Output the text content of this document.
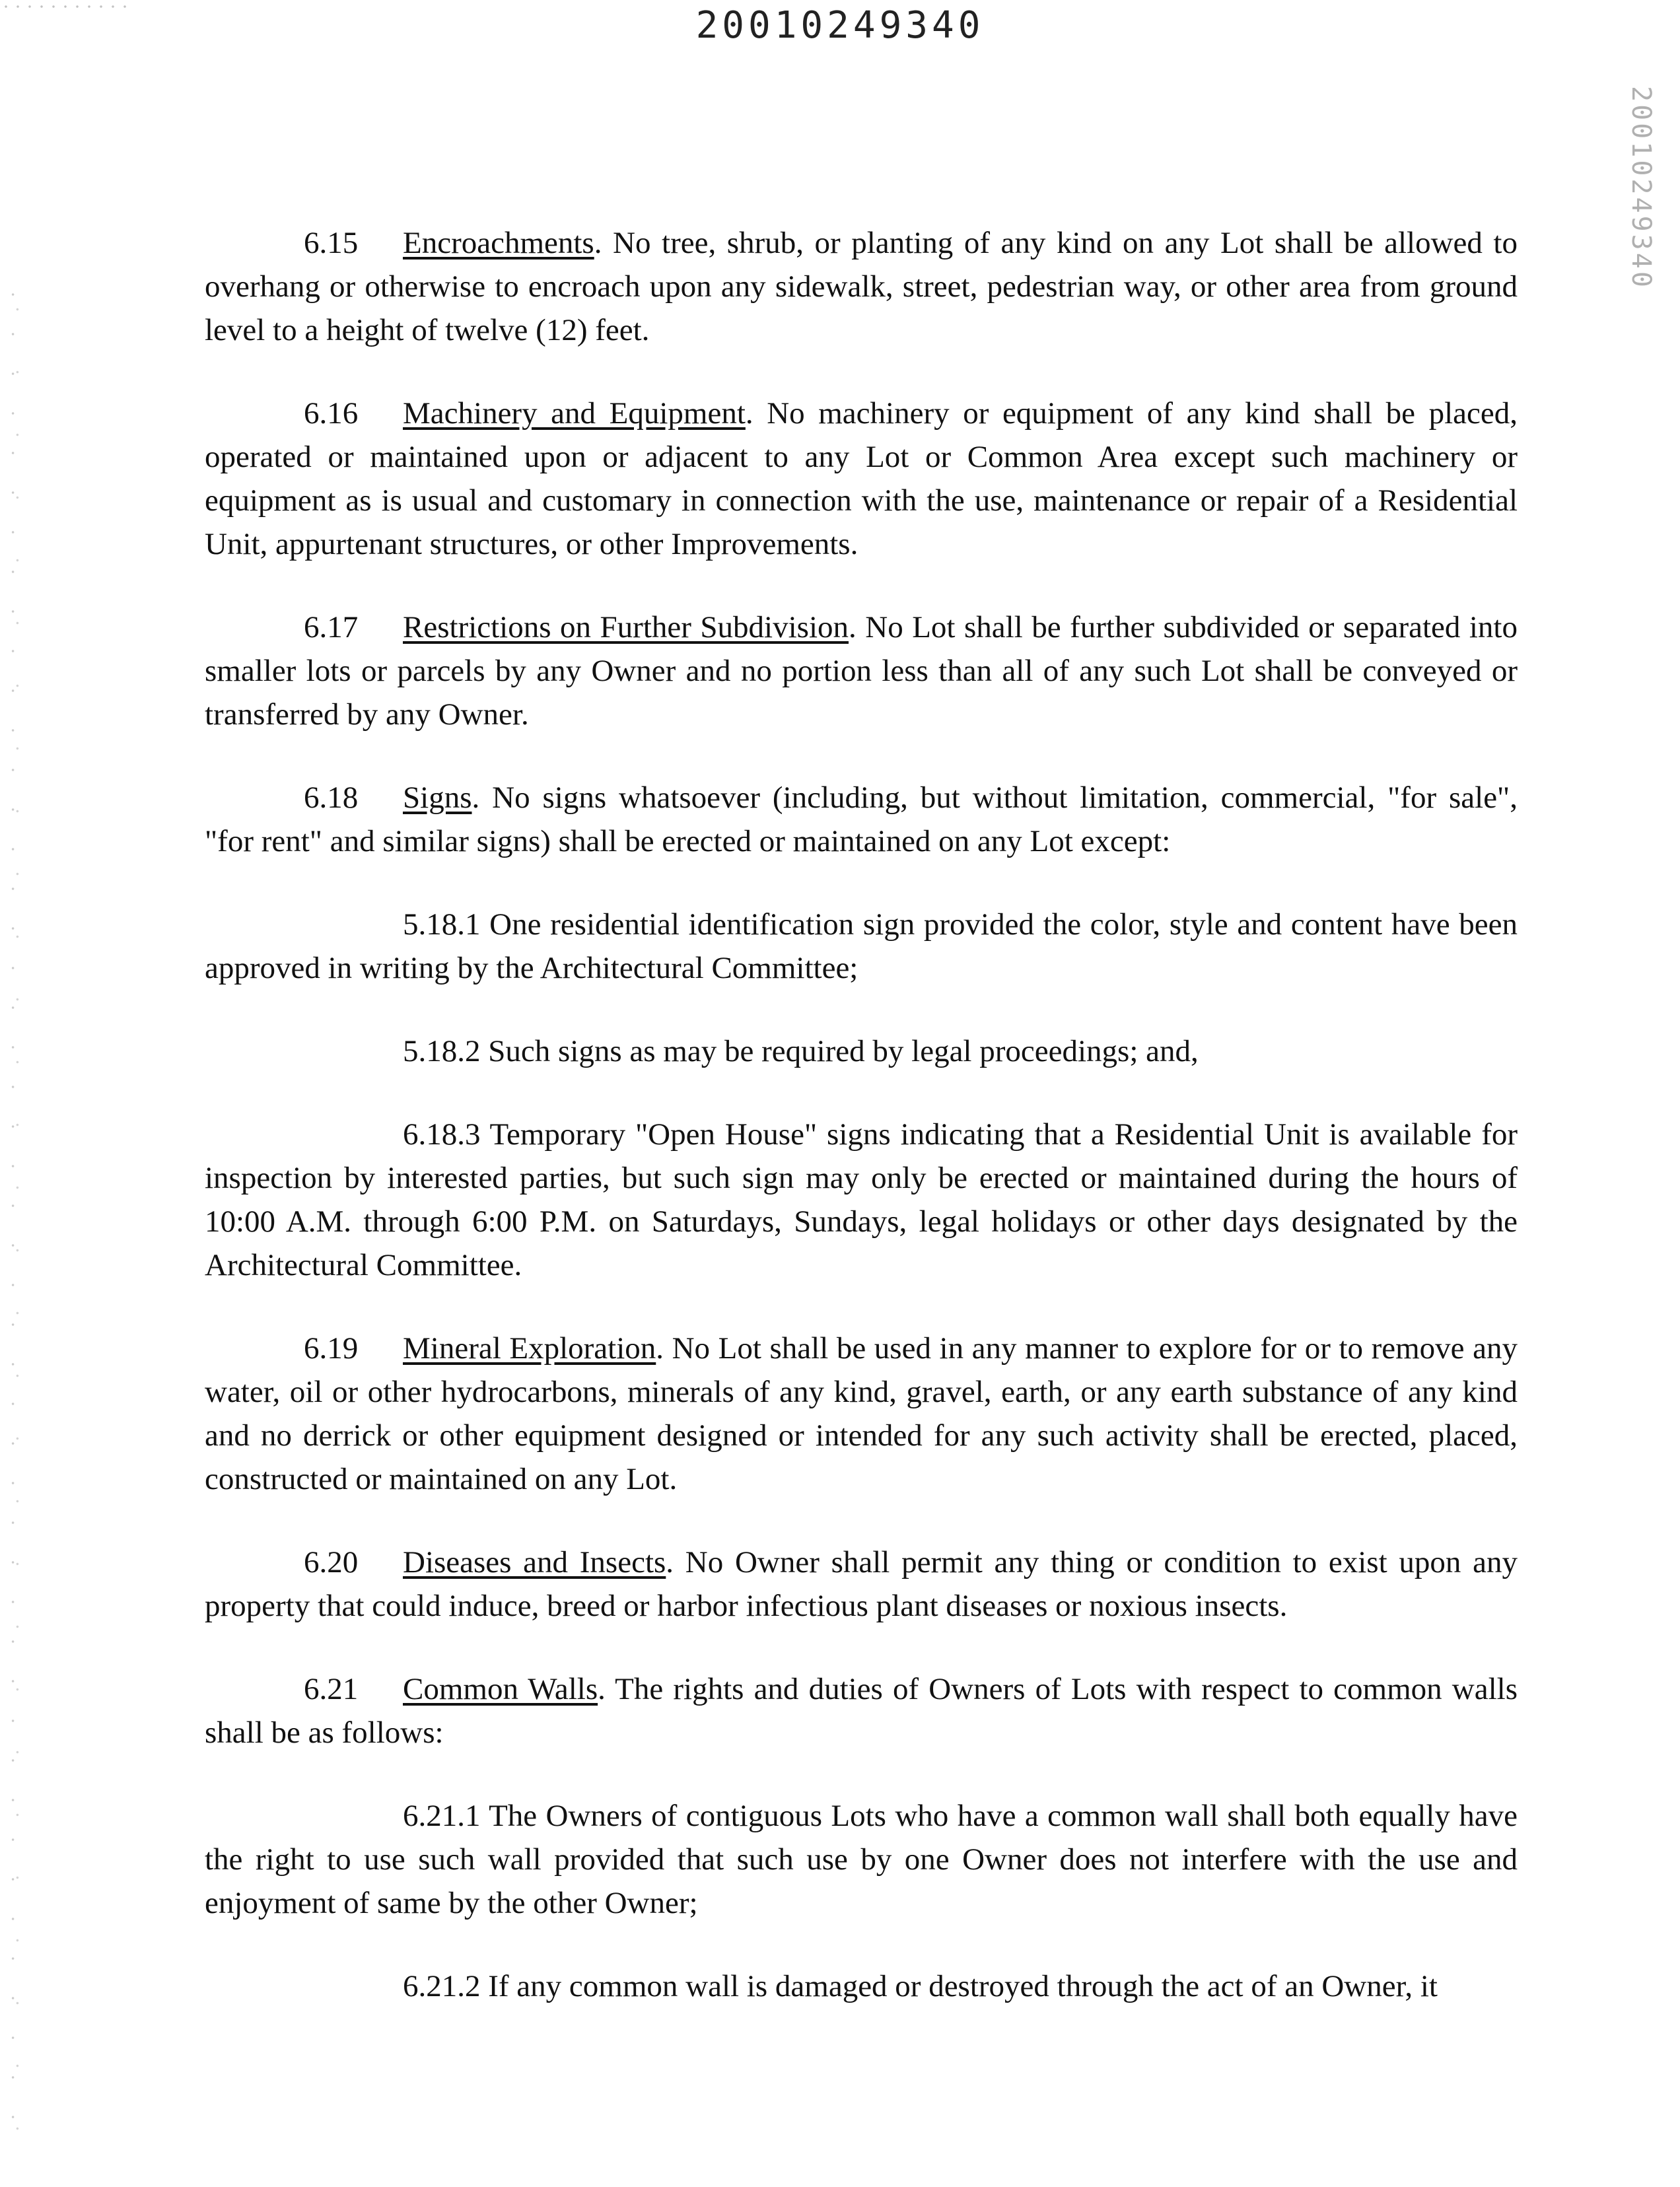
20010249340
20010249340

6.15 Encroachments. No tree, shrub, or planting of any kind on any Lot shall be allowed to overhang or otherwise to encroach upon any sidewalk, street, pedestrian way, or other area from ground level to a height of twelve (12) feet.

6.16 Machinery and Equipment. No machinery or equipment of any kind shall be placed, operated or maintained upon or adjacent to any Lot or Common Area except such machinery or equipment as is usual and customary in connection with the use, maintenance or repair of a Residential Unit, appurtenant structures, or other Improvements.

6.17 Restrictions on Further Subdivision. No Lot shall be further subdivided or separated into smaller lots or parcels by any Owner and no portion less than all of any such Lot shall be conveyed or transferred by any Owner.

6.18 Signs. No signs whatsoever (including, but without limitation, commercial, "for sale", "for rent" and similar signs) shall be erected or maintained on any Lot except:

5.18.1 One residential identification sign provided the color, style and content have been approved in writing by the Architectural Committee;

5.18.2 Such signs as may be required by legal proceedings; and,

6.18.3 Temporary "Open House" signs indicating that a Residential Unit is available for inspection by interested parties, but such sign may only be erected or maintained during the hours of 10:00 A.M. through 6:00 P.M. on Saturdays, Sundays, legal holidays or other days designated by the Architectural Committee.

6.19 Mineral Exploration. No Lot shall be used in any manner to explore for or to remove any water, oil or other hydrocarbons, minerals of any kind, gravel, earth, or any earth substance of any kind and no derrick or other equipment designed or intended for any such activity shall be erected, placed, constructed or maintained on any Lot.

6.20 Diseases and Insects. No Owner shall permit any thing or condition to exist upon any property that could induce, breed or harbor infectious plant diseases or noxious insects.

6.21 Common Walls. The rights and duties of Owners of Lots with respect to common walls shall be as follows:

6.21.1 The Owners of contiguous Lots who have a common wall shall both equally have the right to use such wall provided that such use by one Owner does not interfere with the use and enjoyment of same by the other Owner;

6.21.2 If any common wall is damaged or destroyed through the act of an Owner, it
